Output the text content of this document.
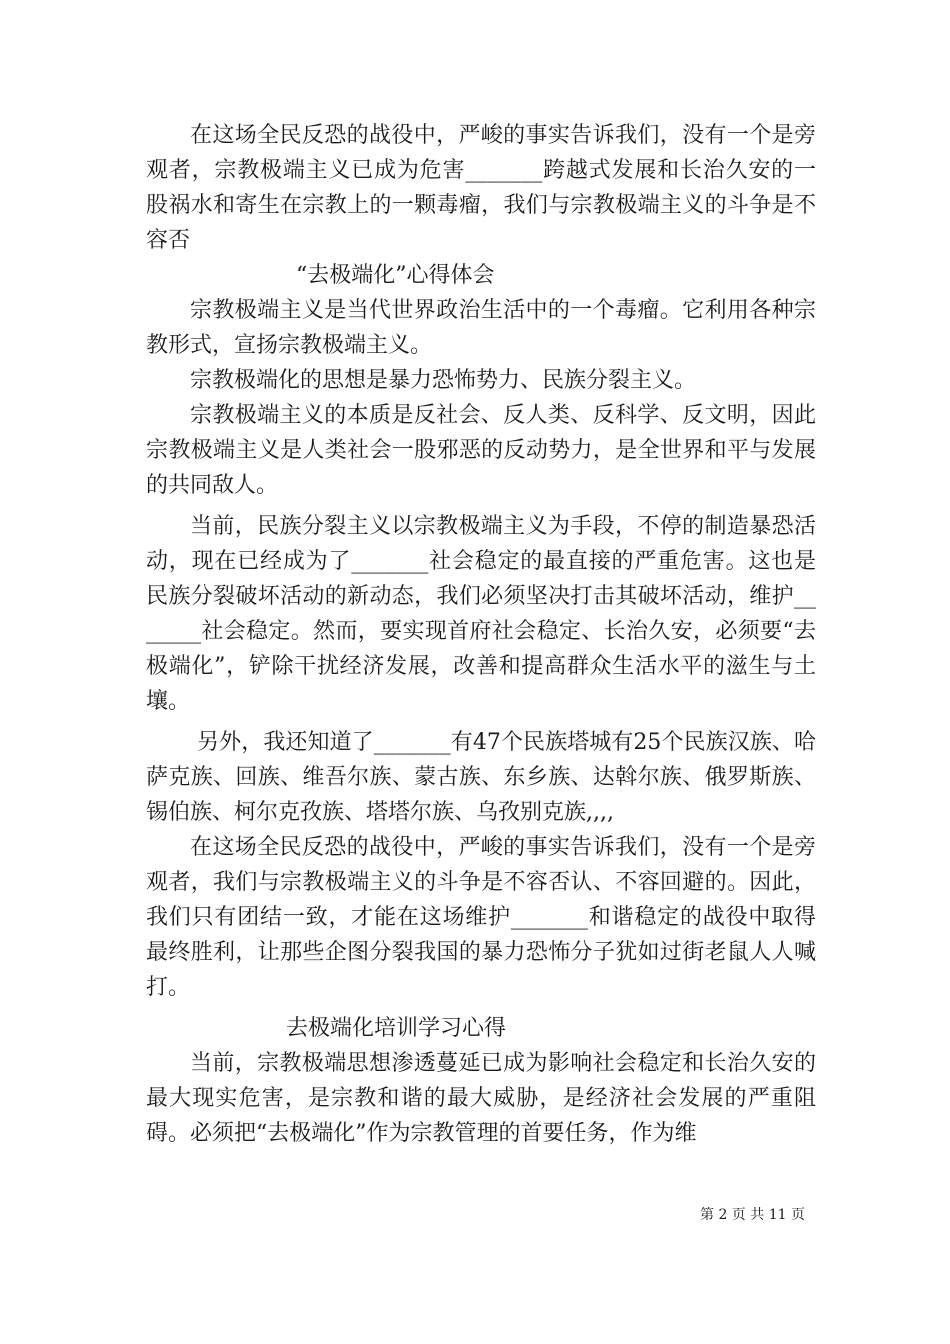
在这场全民反恐的战役中，严峻的事实告诉我们，没有一个是旁观者，宗教极端主义已成为危害_______跨越式发展和长治久安的一股祸水和寄生在宗教上的一颗毒瘤，我们与宗教极端主义的斗争是不容否

“去极端化”心得体会

宗教极端主义是当代世界政治生活中的一个毒瘤。它利用各种宗教形式，宣扬宗教极端主义。

宗教极端化的思想是暴力恐怖势力、民族分裂主义。

宗教极端主义的本质是反社会、反人类、反科学、反文明，因此宗教极端主义是人类社会一股邪恶的反动势力，是全世界和平与发展的共同敌人。

当前，民族分裂主义以宗教极端主义为手段，不停的制造暴恐活动，现在已经成为了_______社会稳定的最直接的严重危害。这也是民族分裂破坏活动的新动态，我们必须坚决打击其破坏活动，维护_______社会稳定。然而，要实现首府社会稳定、长治久安，必须要“去极端化”，铲除干扰经济发展，改善和提高群众生活水平的滋生与土壤。

另外，我还知道了_______有47个民族塔城有25个民族汉族、哈萨克族、回族、维吾尔族、蒙古族、东乡族、达斡尔族、俄罗斯族、锡伯族、柯尔克孜族、塔塔尔族、乌孜别克族,,,,

在这场全民反恐的战役中，严峻的事实告诉我们，没有一个是旁观者，我们与宗教极端主义的斗争是不容否认、不容回避的。因此，我们只有团结一致，才能在这场维护_______和谐稳定的战役中取得最终胜利，让那些企图分裂我国的暴力恐怖分子犹如过街老鼠人人喊打。

去极端化培训学习心得

当前，宗教极端思想渗透蔓延已成为影响社会稳定和长治久安的最大现实危害，是宗教和谐的最大威胁，是经济社会发展的严重阻碍。必须把“去极端化”作为宗教管理的首要任务，作为维

第 2 页 共 11 页
